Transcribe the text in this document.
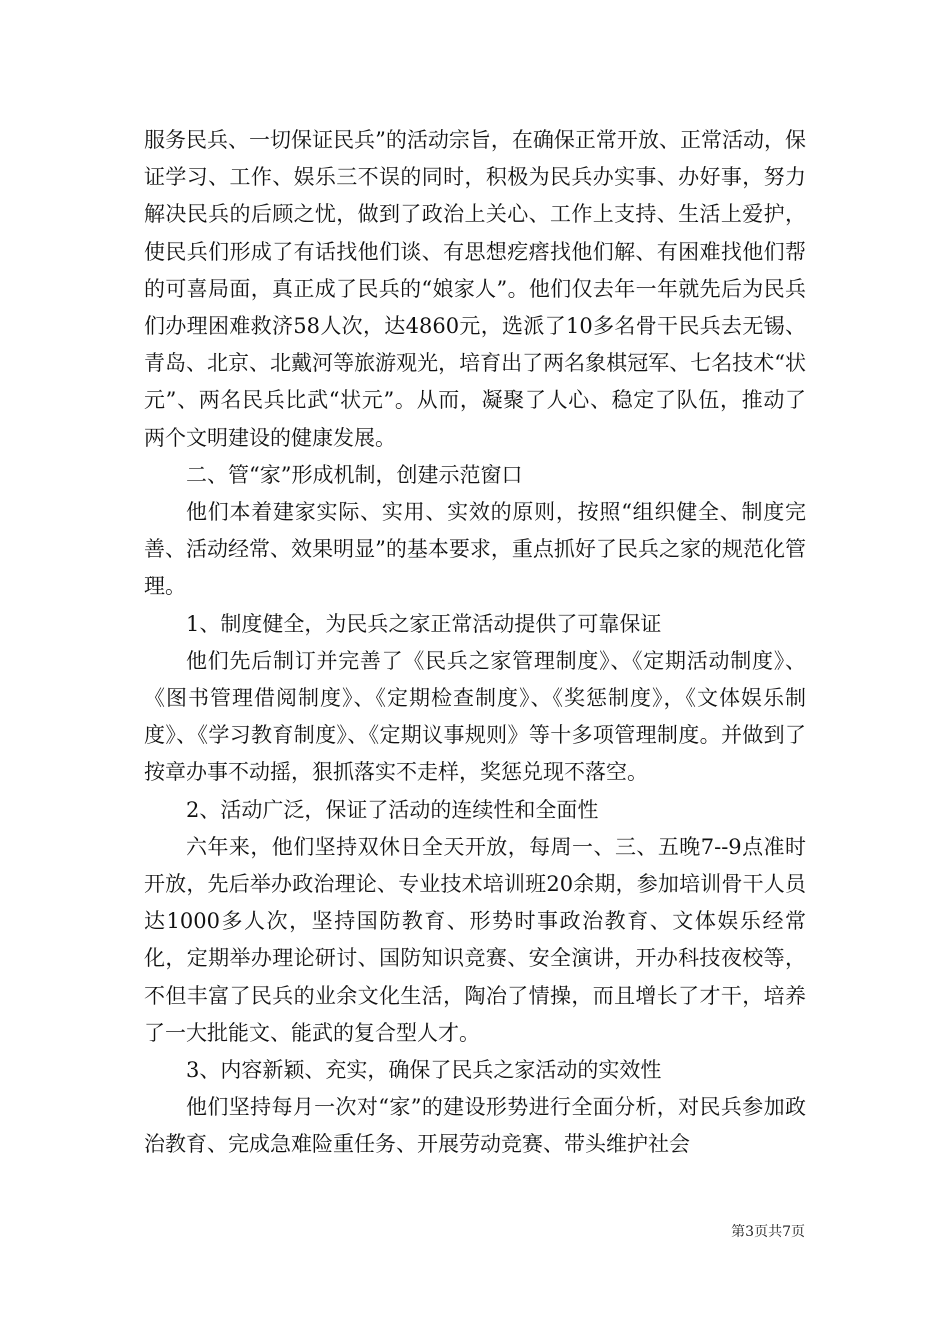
服务民兵、一切保证民兵”的活动宗旨，在确保正常开放、正常活动，保证学习、工作、娱乐三不误的同时，积极为民兵办实事、办好事，努力解决民兵的后顾之忧，做到了政治上关心、工作上支持、生活上爱护，使民兵们形成了有话找他们谈、有思想疙瘩找他们解、有困难找他们帮的可喜局面，真正成了民兵的“娘家人”。他们仅去年一年就先后为民兵们办理困难救济58人次，达4860元，选派了10多名骨干民兵去无锡、青岛、北京、北戴河等旅游观光，培育出了两名象棋冠军、七名技术“状元”、两名民兵比武“状元”。从而，凝聚了人心、稳定了队伍，推动了两个文明建设的健康发展。

二、管“家”形成机制，创建示范窗口

他们本着建家实际、实用、实效的原则，按照“组织健全、制度完善、活动经常、效果明显”的基本要求，重点抓好了民兵之家的规范化管理。

1、制度健全，为民兵之家正常活动提供了可靠保证

他们先后制订并完善了《民兵之家管理制度》、《定期活动制度》、《图书管理借阅制度》、《定期检查制度》、《奖惩制度》，《文体娱乐制度》、《学习教育制度》、《定期议事规则》等十多项管理制度。并做到了按章办事不动摇，狠抓落实不走样，奖惩兑现不落空。

2、活动广泛，保证了活动的连续性和全面性

六年来，他们坚持双休日全天开放，每周一、三、五晚7--9点准时开放，先后举办政治理论、专业技术培训班20余期，参加培训骨干人员达1000多人次，坚持国防教育、形势时事政治教育、文体娱乐经常化，定期举办理论研讨、国防知识竞赛、安全演讲，开办科技夜校等，不但丰富了民兵的业余文化生活，陶冶了情操，而且增长了才干，培养了一大批能文、能武的复合型人才。

3、内容新颖、充实，确保了民兵之家活动的实效性

他们坚持每月一次对“家”的建设形势进行全面分析，对民兵参加政治教育、完成急难险重任务、开展劳动竞赛、带头维护社会

第3页共7页
